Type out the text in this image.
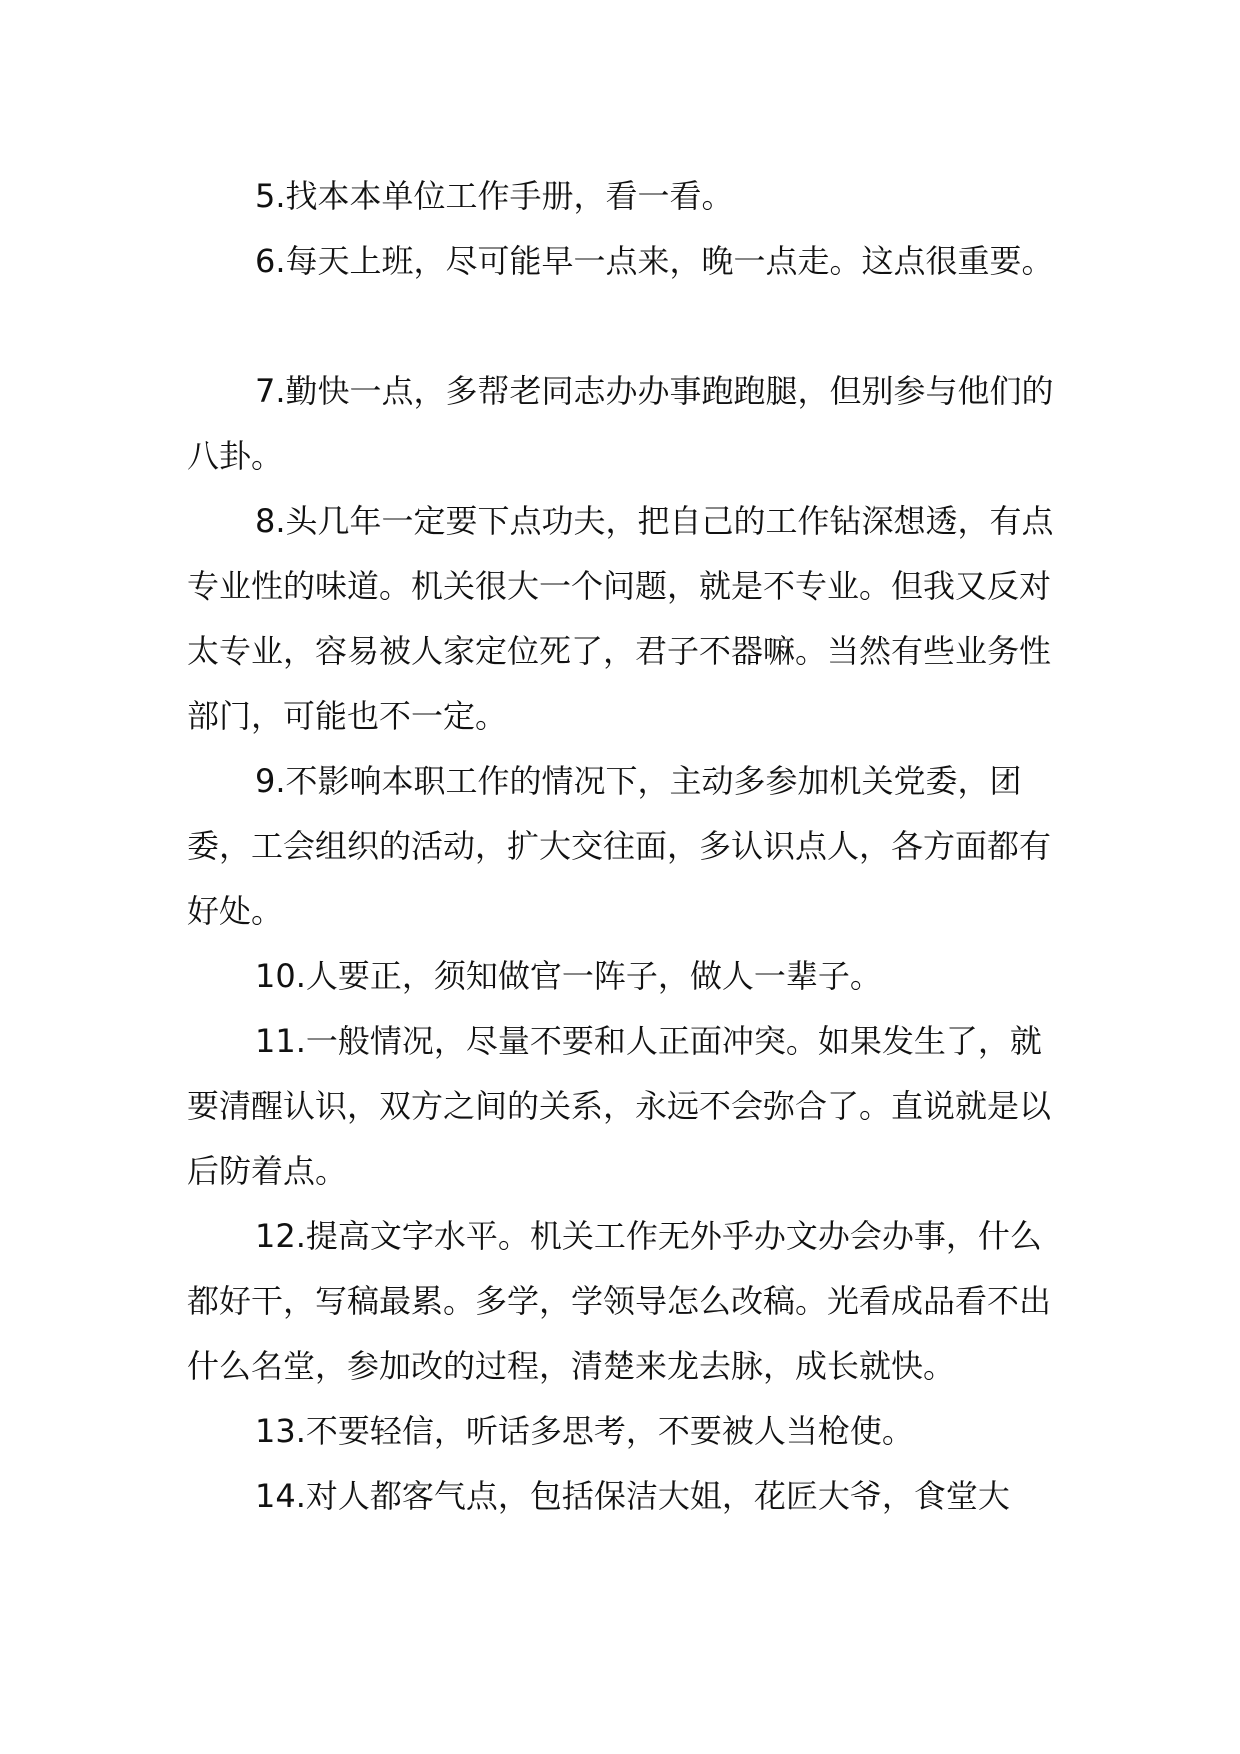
5.找本本单位工作手册，看一看。

6.每天上班，尽可能早一点来，晚一点走。这点很重要。

7.勤快一点，多帮老同志办办事跑跑腿，但别参与他们的八卦。

8.头几年一定要下点功夫，把自己的工作钻深想透，有点专业性的味道。机关很大一个问题，就是不专业。但我又反对太专业，容易被人家定位死了，君子不器嘛。当然有些业务性部门，可能也不一定。

9.不影响本职工作的情况下，主动多参加机关党委，团委，工会组织的活动，扩大交往面，多认识点人，各方面都有好处。

10.人要正，须知做官一阵子，做人一辈子。

11.一般情况，尽量不要和人正面冲突。如果发生了，就要清醒认识，双方之间的关系，永远不会弥合了。直说就是以后防着点。

12.提高文字水平。机关工作无外乎办文办会办事，什么都好干，写稿最累。多学，学领导怎么改稿。光看成品看不出什么名堂，参加改的过程，清楚来龙去脉，成长就快。

13.不要轻信，听话多思考，不要被人当枪使。

14.对人都客气点，包括保洁大姐，花匠大爷，食堂大
